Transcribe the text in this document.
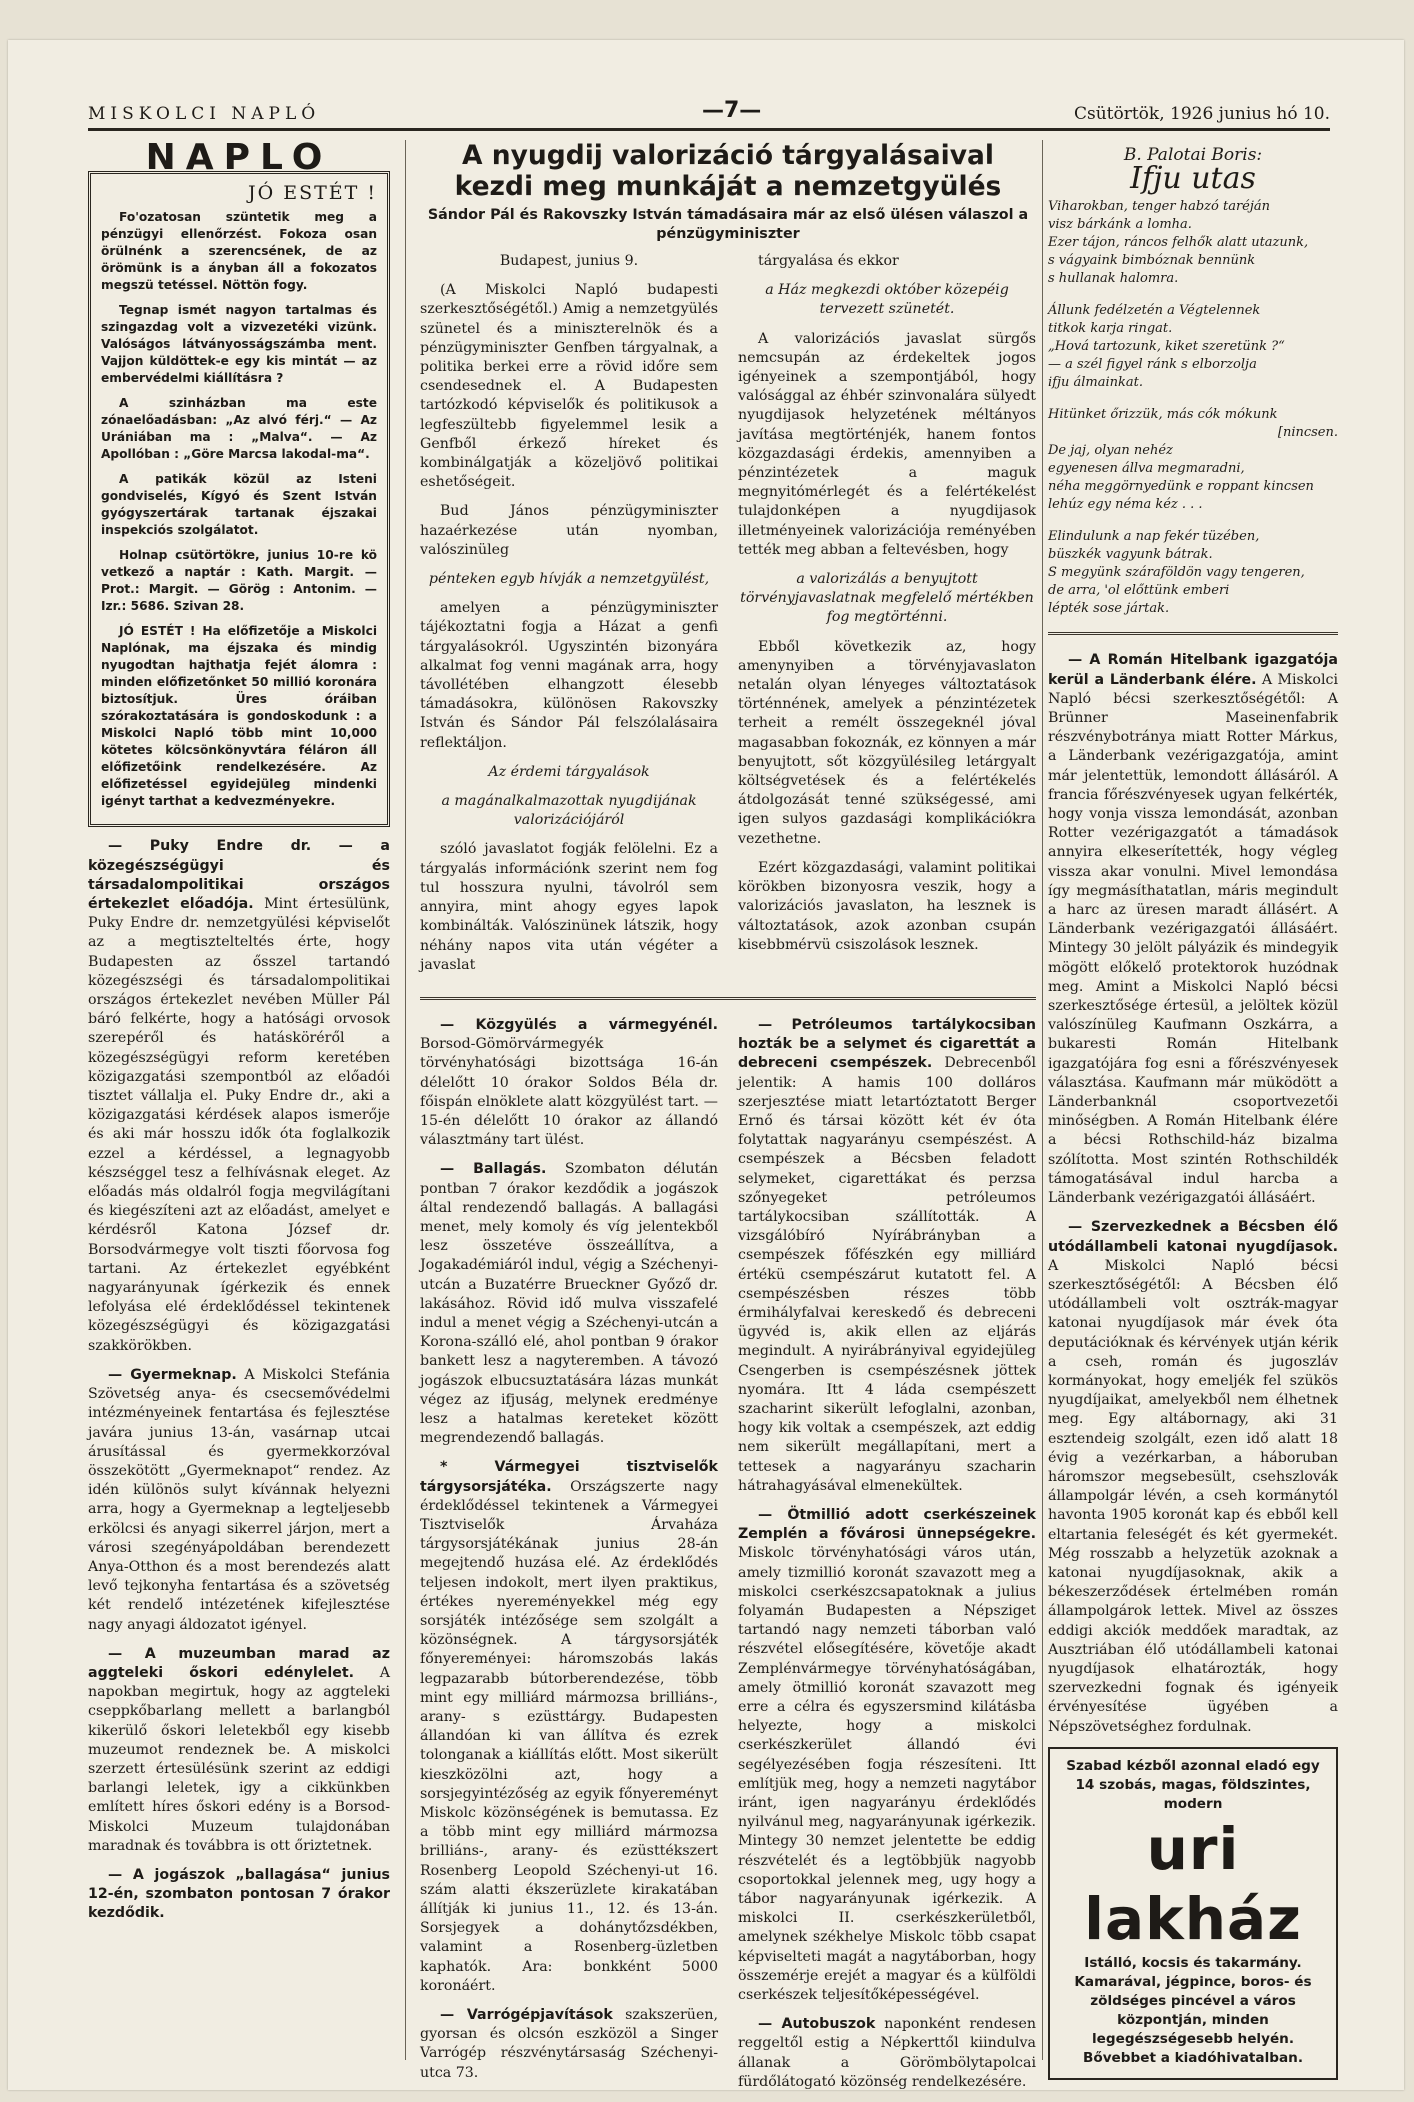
MISKOLCI NAPLÓ	—7—	Csütörtök, 1926 junius hó 10.
NAPLO
JÓ ESTÉT !

Fo'ozatosan szüntetik meg a pénzügyi ellenőrzést. Fokoza osan örülnénk a szerencsének, de az örömünk is a ányban áll a fokozatos megszü tetéssel. Nöttön fogy.

Tegnap ismét nagyon tartalmas és szingazdag volt a vizvezetéki vizünk. Valóságos látványosságszámba ment. Vajjon küldöttek-e egy kis mintát — az embervédelmi kiállításra ?

A szinházban ma este zónaelőadásban: „Az alvó férj.“ — Az Urániában ma : „Malva“. — Az Apollóban : „Göre Marcsa lakodal-ma“.

A patikák közül az Isteni gondviselés, Kígyó és Szent István gyógyszertárak tartanak éjszakai inspekciós szolgálatot.

Holnap csütörtökre, junius 10-re kö vetkező a naptár : Kath. Margit. — Prot.: Margit. — Görög : Antonim. — Izr.: 5686. Szivan 28.

JÓ ESTÉT ! Ha előfizetője a Miskolci Naplónak, ma éjszaka és mindig nyugodtan hajthatja fejét álomra : minden előfizetőnket 50 millió koronára biztosítjuk. Üres óráiban szórakoztatására is gondoskodunk : a Miskolci Napló több mint 10,000 kötetes kölcsönkönyvtára féláron áll előfizetőink rendelkezésére. Az előfizetéssel egyidejüleg mindenki igényt tarthat a kedvezményekre.

— Puky Endre dr. — a közegészségügyi és társadalompolitikai országos értekezlet előadója. Mint értesülünk, Puky Endre dr. nemzetgyülési képviselőt az a megtisztelteltés érte, hogy Budapesten az ősszel tartandó közegészségi és társadalompolitikai országos értekezlet nevében Müller Pál báró felkérte, hogy a hatósági orvosok szerepéről és hatásköréről a közegészségügyi reform keretében közigazgatási szempontból az előadói tisztet vállalja el. Puky Endre dr., aki a közigazgatási kérdések alapos ismerője és aki már hosszu idők óta foglalkozik ezzel a kérdéssel, a legnagyobb készséggel tesz a felhívásnak eleget. Az előadás más oldalról fogja megvilágítani és kiegészíteni azt az előadást, amelyet e kérdésről Katona József dr. Borsodvármegye volt tiszti főorvosa fog tartani. Az értekezlet egyébként nagyarányunak ígérkezik és ennek lefolyása elé érdeklődéssel tekintenek közegészségügyi és közigazgatási szakkörökben.

— Gyermeknap. A Miskolci Stefánia Szövetség anya- és csecsemővédelmi intézményeinek fentartása és fejlesztése javára junius 13-án, vasárnap utcai árusítással és gyermekkorzóval összekötött „Gyermeknapot“ rendez. Az idén különös sulyt kívánnak helyezni arra, hogy a Gyermeknap a legteljesebb erkölcsi és anyagi sikerrel járjon, mert a városi szegényápoldában berendezett Anya-Otthon és a most berendezés alatt levő tejkonyha fentartása és a szövetség két rendelő intézetének kifejlesztése nagy anyagi áldozatot igényel.

— A muzeumban marad az aggteleki őskori edénylelet. A napokban megirtuk, hogy az aggteleki cseppkőbarlang mellett a barlangból kikerülő őskori leletekből egy kisebb muzeumot rendeznek be. A miskolci szerzett értesülésünk szerint az eddigi barlangi leletek, igy a cikkünkben említett híres őskori edény is a Borsod-Miskolci Muzeum tulajdonában maradnak és továbbra is ott őriztetnek.

— A jogászok „ballagása“ junius 12-én, szombaton pontosan 7 órakor kezdődik.

A nyugdij valorizáció tárgyalásaival kezdi meg munkáját a nemzetgyülés
Sándor Pál és Rakovszky István támadásaira már az első ülésen válaszol a pénzügyminiszter

Budapest, junius 9.

(A Miskolci Napló budapesti szerkesztőségétől.) Amig a nemzetgyülés szünetel és a miniszterelnök és a pénzügyminiszter Genfben tárgyalnak, a politika berkei erre a rövid időre sem csendesednek el. A Budapesten tartózkodó képviselők és politikusok a legfeszültebb figyelemmel lesik a Genfből érkező híreket és kombinálgatják a közeljövő politikai eshetőségeit.

Bud János pénzügyminiszter hazaérkezése után nyomban, valószinüleg

pénteken egyb hívják a nemzetgyülést,

amelyen a pénzügyminiszter tájékoztatni fogja a Házat a genfi tárgyalásokról. Ugyszintén bizonyára alkalmat fog venni magának arra, hogy távollétében elhangzott élesebb támadásokra, különösen Rakovszky István és Sándor Pál felszólalásaira reflektáljon.

Az érdemi tárgyalások

a magánalkalmazottak nyugdijának valorizációjáról

szóló javaslatot fogják felölelni. Ez a tárgyalás információnk szerint nem fog tul hosszura nyulni, távolról sem annyira, mint ahogy egyes lapok kombinálták. Valószinünek látszik, hogy néhány napos vita után végéter a javaslat

tárgyalása és ekkor

a Ház megkezdi október közepéig tervezett szünetét.

A valorizációs javaslat sürgős nemcsupán az érdekeltek jogos igényeinek a szempontjából, hogy valósággal az éhbér szinvonalára sülyedt nyugdijasok helyzetének méltányos javítása megtörténjék, hanem fontos közgazdasági érdekis, amennyiben a pénzintézetek a maguk megnyitómérlegét és a felértékelést tulajdonképen a nyugdijasok illetményeinek valorizációja reményében tették meg abban a feltevésben, hogy

a valorizálás a benyujtott törvényjavaslatnak megfelelő mértékben fog megtörténni.

Ebből következik az, hogy amenynyiben a törvényjavaslaton netalán olyan lényeges változtatások történnének, amelyek a pénzintézetek terheit a remélt összegeknél jóval magasabban fokoznák, ez könnyen a már benyujtott, sőt közgyülésileg letárgyalt költségvetések és a felértékelés átdolgozását tenné szükségessé, ami igen sulyos gazdasági komplikációkra vezethetne.

Ezért közgazdasági, valamint politikai körökben bizonyosra veszik, hogy a valorizációs javaslaton, ha lesznek is változtatások, azok azonban csupán kisebbmérvü csiszolások lesznek.

— Közgyülés a vármegyénél. Borsod-Gömörvármegyék törvényhatósági bizottsága 16-án délelőtt 10 órakor Soldos Béla dr. főispán elnöklete alatt közgyülést tart. — 15-én délelőtt 10 órakor az állandó választmány tart ülést.

— Ballagás. Szombaton délután pontban 7 órakor kezdődik a jogászok által rendezendő ballagás. A ballagási menet, mely komoly és víg jelentekből lesz összetéve összeállítva, a Jogakadémiáról indul, végig a Széchenyi-utcán a Buzatérre Brueckner Győző dr. lakásához. Rövid idő mulva visszafelé indul a menet végig a Széchenyi-utcán a Korona-szálló elé, ahol pontban 9 órakor bankett lesz a nagyteremben. A távozó jogászok elbucsuztatására lázas munkát végez az ifjuság, melynek eredménye lesz a hatalmas kereteket között megrendezendő ballagás.

* Vármegyei tisztviselők tárgysorsjátéka. Országszerte nagy érdeklődéssel tekintenek a Vármegyei Tisztviselők Árvaháza tárgysorsjátékának junius 28-án megejtendő huzása elé. Az érdeklődés teljesen indokolt, mert ilyen praktikus, értékes nyereményekkel még egy sorsjáték intézősége sem szolgált a közönségnek. A tárgysorsjáték főnyereményei: háromszobás lakás legpazarabb bútorberendezése, több mint egy milliárd mármozsa brilliáns-, arany- s ezüsttárgy. Budapesten állandóan ki van állítva és ezrek tolonganak a kiállítás előtt. Most sikerült kieszközölni azt, hogy a sorsjegyintézőség az egyik főnyereményt Miskolc közönségének is bemutassa. Ez a több mint egy milliárd mármozsa brilliáns-, arany- és ezüsttékszert Rosenberg Leopold Széchenyi-ut 16. szám alatti ékszerüzlete kirakatában állítják ki junius 11., 12. és 13-án. Sorsjegyek a dohánytőzsdékben, valamint a Rosenberg-üzletben kaphatók. Ara: bonkként 5000 koronáért.

— Varrógépjavítások szakszerüen, gyorsan és olcsón eszközöl a Singer Varrógép részvénytársaság Széchenyi-utca 73.

— Petróleumos tartálykocsiban hozták be a selymet és cigarettát a debreceni csempészek. Debrecenből jelentik: A hamis 100 dolláros szerjesztése miatt letartóztatott Berger Ernő és társai között két év óta folytattak nagyarányu csempészést. A csempészek a Bécsben feladott selymeket, cigarettákat és perzsa szőnyegeket petróleumos tartálykocsiban szállították. A vizsgálóbíró Nyírábrányban a csempészek főfészkén egy milliárd értékü csempészárut kutatott fel. A csempészésben részes több érmihályfalvai kereskedő és debreceni ügyvéd is, akik ellen az eljárás megindult. A nyirábrányival egyidejüleg Csengerben is csempészésnek jöttek nyomára. Itt 4 láda csempészett szacharint sikerült lefoglalni, azonban, hogy kik voltak a csempészek, azt eddig nem sikerült megállapítani, mert a tettesek a nagyarányu szacharin hátrahagyásával elmenekültek.

— Ötmillió adott cserkészeinek Zemplén a fővárosi ünnepségekre. Miskolc törvényhatósági város után, amely tizmillió koronát szavazott meg a miskolci cserkészcsapatoknak a julius folyamán Budapesten a Népsziget tartandó nagy nemzeti táborban való részvétel elősegítésére, követője akadt Zemplénvármegye törvényhatóságában, amely ötmillió koronát szavazott meg erre a célra és egyszersmind kilátásba helyezte, hogy a miskolci cserkészkerület állandó évi segélyezésében fogja részesíteni. Itt említjük meg, hogy a nemzeti nagytábor iránt, igen nagyarányu érdeklődés nyilvánul meg, nagyarányunak igérkezik. Mintegy 30 nemzet jelentette be eddig részvételét és a legtöbbjük nagyobb csoportokkal jelennek meg, ugy hogy a tábor nagyarányunak igérkezik. A miskolci II. cserkészkerületből, amelynek székhelye Miskolc több csapat képviselteti magát a nagytáborban, hogy összemérje erejét a magyar és a külföldi cserkészek teljesítőképességével.

— Autobuszok naponként rendesen reggeltől estig a Népkerttől kiindulva állanak a Görömbölytapolcai fürdőlátogató közönség rendelkezésére.

B. Palotai Boris:
Ifju utas
Viharokban, tenger habzó taréján
visz bárkánk a lomha.
Ezer tájon, ráncos felhők alatt utazunk,
s vágyaink bimbóznak bennünk
s hullanak halomra.
Állunk fedélzetén a Végtelennek
titkok karja ringat.
„Hová tartozunk, kiket szeretünk ?“
— a szél figyel ránk s elborzolja
ifju álmainkat.
Hitünket őrizzük, más cók mókunk
[nincsen.
De jaj, olyan nehéz
egyenesen állva megmaradni,
néha meggörnyedünk e roppant kincsen
lehúz egy néma kéz . . .
Elindulunk a nap fekér tüzében,
büszkék vagyunk bátrak.
S megyünk száraföldön vagy tengeren,
de arra, 'ol előttünk emberi
lépték sose jártak.

— A Román Hitelbank igazgatója kerül a Länderbank élére. A Miskolci Napló bécsi szerkesztőségétől: A Brünner Maseinenfabrik részvénybotránya miatt Rotter Márkus, a Länderbank vezérigazgatója, amint már jelentettük, lemondott állásáról. A francia főrészvényesek ugyan felkérték, hogy vonja vissza lemondását, azonban Rotter vezérigazgatót a támadások annyira elkeserítették, hogy végleg vissza akar vonulni. Mivel lemondása így megmásíthatatlan, máris megindult a harc az üresen maradt állásért. A Länderbank vezérigazgatói állásáért. Mintegy 30 jelölt pályázik és mindegyik mögött előkelő protektorok huzódnak meg. Amint a Miskolci Napló bécsi szerkesztősége értesül, a jelöltek közül valószínüleg Kaufmann Oszkárra, a bukaresti Román Hitelbank igazgatójára fog esni a főrészvényesek választása. Kaufmann már müködött a Länderbanknál csoportvezetői minőségben. A Román Hitelbank élére a bécsi Rothschild-ház bizalma szólította. Most szintén Rothschildék támogatásával indul harcba a Länderbank vezérigazgatói állásáért.

— Szervezkednek a Bécsben élő utódállambeli katonai nyugdíjasok. A Miskolci Napló bécsi szerkesztőségétől: A Bécsben élő utódállambeli volt osztrák-magyar katonai nyugdíjasok már évek óta deputációknak és kérvények utján kérik a cseh, román és jugoszláv kormányokat, hogy emeljék fel szükös nyugdíjaikat, amelyekből nem élhetnek meg. Egy altábornagy, aki 31 esztendeig szolgált, ezen idő alatt 18 évig a vezérkarban, a háboruban háromszor megsebesült, csehszlovák állampolgár lévén, a cseh kormánytól havonta 1905 koronát kap és ebből kell eltartania feleségét és két gyermekét. Még rosszabb a helyzetük azoknak a katonai nyugdíjasoknak, akik a békeszerződések értelmében román állampolgárok lettek. Mivel az összes eddigi akciók meddőek maradtak, az Ausztriában élő utódállambeli katonai nyugdíjasok elhatározták, hogy szervezkedni fognak és igényeik érvényesítése ügyében a Népszövetséghez fordulnak.

Szabad kézből azonnal eladó egy 14 szobás, magas, földszintes, modern
uri lakház
Istálló, kocsis és takarmány. Kamarával, jégpince, boros- és zöldséges pincével a város központján, minden legegészségesebb helyén. Bővebbet a kiadóhivatalban.
